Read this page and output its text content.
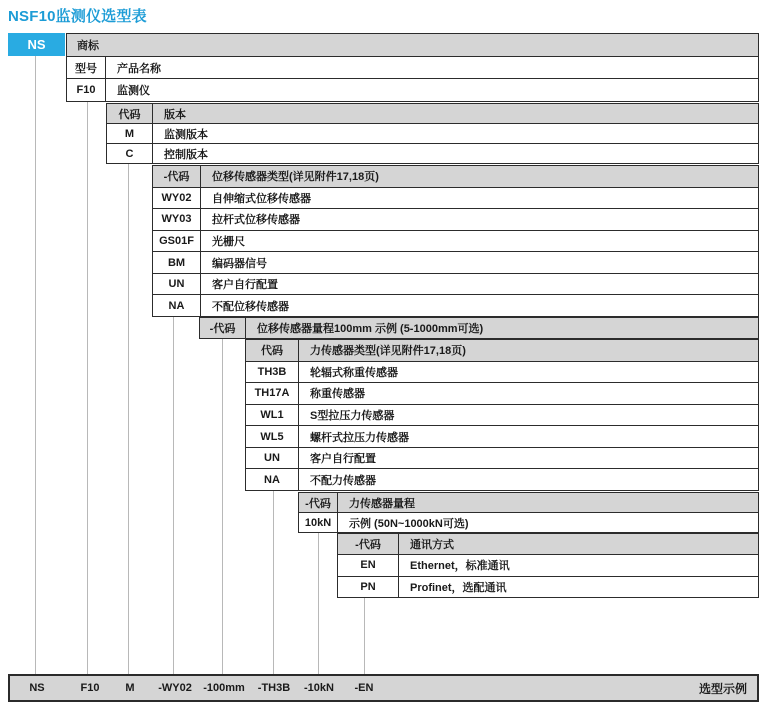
NSF10监测仪选型表
NS	商标
型号	产品名称
F10	监测仪
代码	版本
M	监测版本
C	控制版本
-代码	位移传感器类型(详见附件17,18页)
WY02	自伸缩式位移传感器
WY03	拉杆式位移传感器
GS01F	光栅尺
BM	编码器信号
UN	客户自行配置
NA	不配位移传感器
-代码	位移传感器量程100mm 示例 (5-1000mm可选)
代码	力传感器类型(详见附件17,18页)
TH3B	轮辐式称重传感器
TH17A	称重传感器
WL1	S型拉压力传感器
WL5	螺杆式拉压力传感器
UN	客户自行配置
NA	不配力传感器
-代码	力传感器量程
10kN	示例 (50N~1000kN可选)
-代码	通讯方式
EN	Ethernet，标准通讯
PN	Profinet，选配通讯
选型示例
NS	F10 M -WY02 -100mm -TH3B -10kN -EN
